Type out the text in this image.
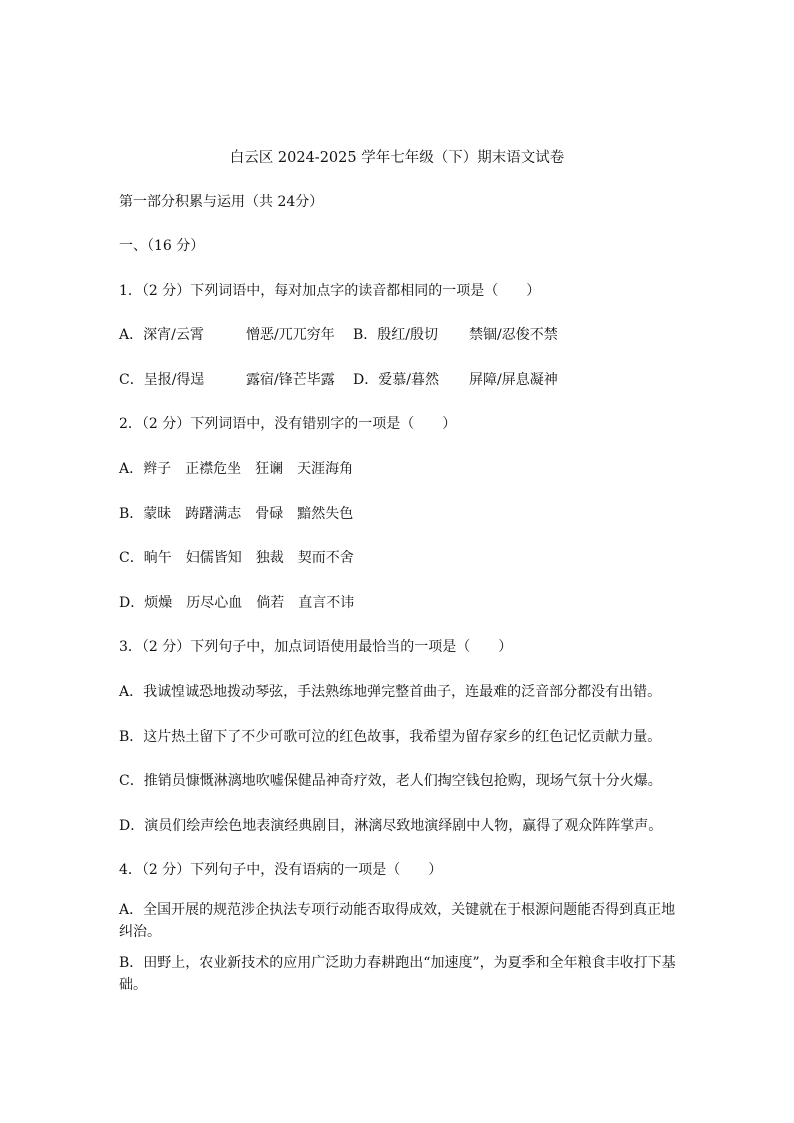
白云区 2024-2025 学年七年级（下）期末语文试卷
第一部分积累与运用（共 24分）
一、（16 分）
1．（2 分）下列词语中，每对加点字的读音都相同的一项是（　　）
A．深宵/云霄	憎恶/兀兀穷年 B．殷红/殷切 禁锢/忍俊不禁
C．呈报/得逞	露宿/锋芒毕露 D．爱慕/暮然 屏障/屏息凝神
2．（2 分）下列词语中，没有错别字的一项是（　　）
A．辫子　正襟危坐　狂谰　天涯海角
B．蒙昧　踌躇满志　骨碌　黯然失色
C．晌午　妇儒皆知　独裁　契而不舍
D．烦燥　历尽心血　倘若　直言不讳
3．（2 分）下列句子中，加点词语使用最恰当的一项是（　　）
A．我诚惶诚恐地拨动琴弦，手法熟练地弹完整首曲子，连最难的泛音部分都没有出错。
B．这片热土留下了不少可歌可泣的红色故事，我希望为留存家乡的红色记忆贡献力量。
C．推销员慷慨淋漓地吹嘘保健品神奇疗效，老人们掏空钱包抢购，现场气氛十分火爆。
D．演员们绘声绘色地表演经典剧目，淋漓尽致地演绎剧中人物，赢得了观众阵阵掌声。
4．（2 分）下列句子中，没有语病的一项是（　　）
A．全国开展的规范涉企执法专项行动能否取得成效，关键就在于根源问题能否得到真正地纠治。
B．田野上，农业新技术的应用广泛助力春耕跑出“加速度”，为夏季和全年粮食丰收打下基础。
